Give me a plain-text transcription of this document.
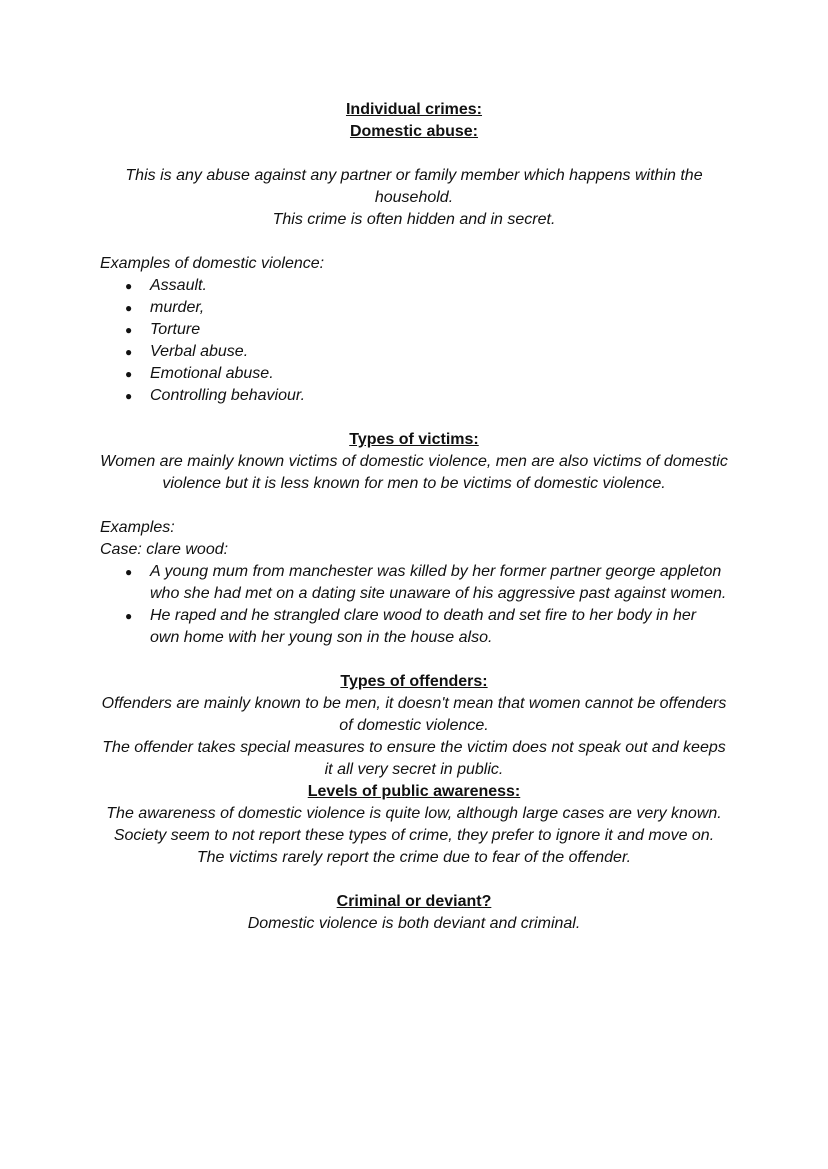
Individual crimes:

Domestic abuse:

This is any abuse against any partner or family member which happens within the household.

This crime is often hidden and in secret.

Examples of domestic violence:

● Assault.
● murder,
● Torture
● Verbal abuse.
● Emotional abuse.
● Controlling behaviour.

Types of victims:

Women are mainly known victims of domestic violence, men are also victims of domestic violence but it is less known for men to be victims of domestic violence.

Examples:

Case: clare wood:

● A young mum from manchester was killed by her former partner george appleton who she had met on a dating site unaware of his aggressive past against women.
● He raped and he strangled clare wood to death and set fire to her body in her own home with her young son in the house also.

Types of offenders:

Offenders are mainly known to be men, it doesn't mean that women cannot be offenders of domestic violence.

The offender takes special measures to ensure the victim does not speak out and keeps it all very secret in public.

Levels of public awareness:

The awareness of domestic violence is quite low, although large cases are very known.

Society seem to not report these types of crime, they prefer to ignore it and move on.

The victims rarely report the crime due to fear of the offender.

Criminal or deviant?

Domestic violence is both deviant and criminal.
